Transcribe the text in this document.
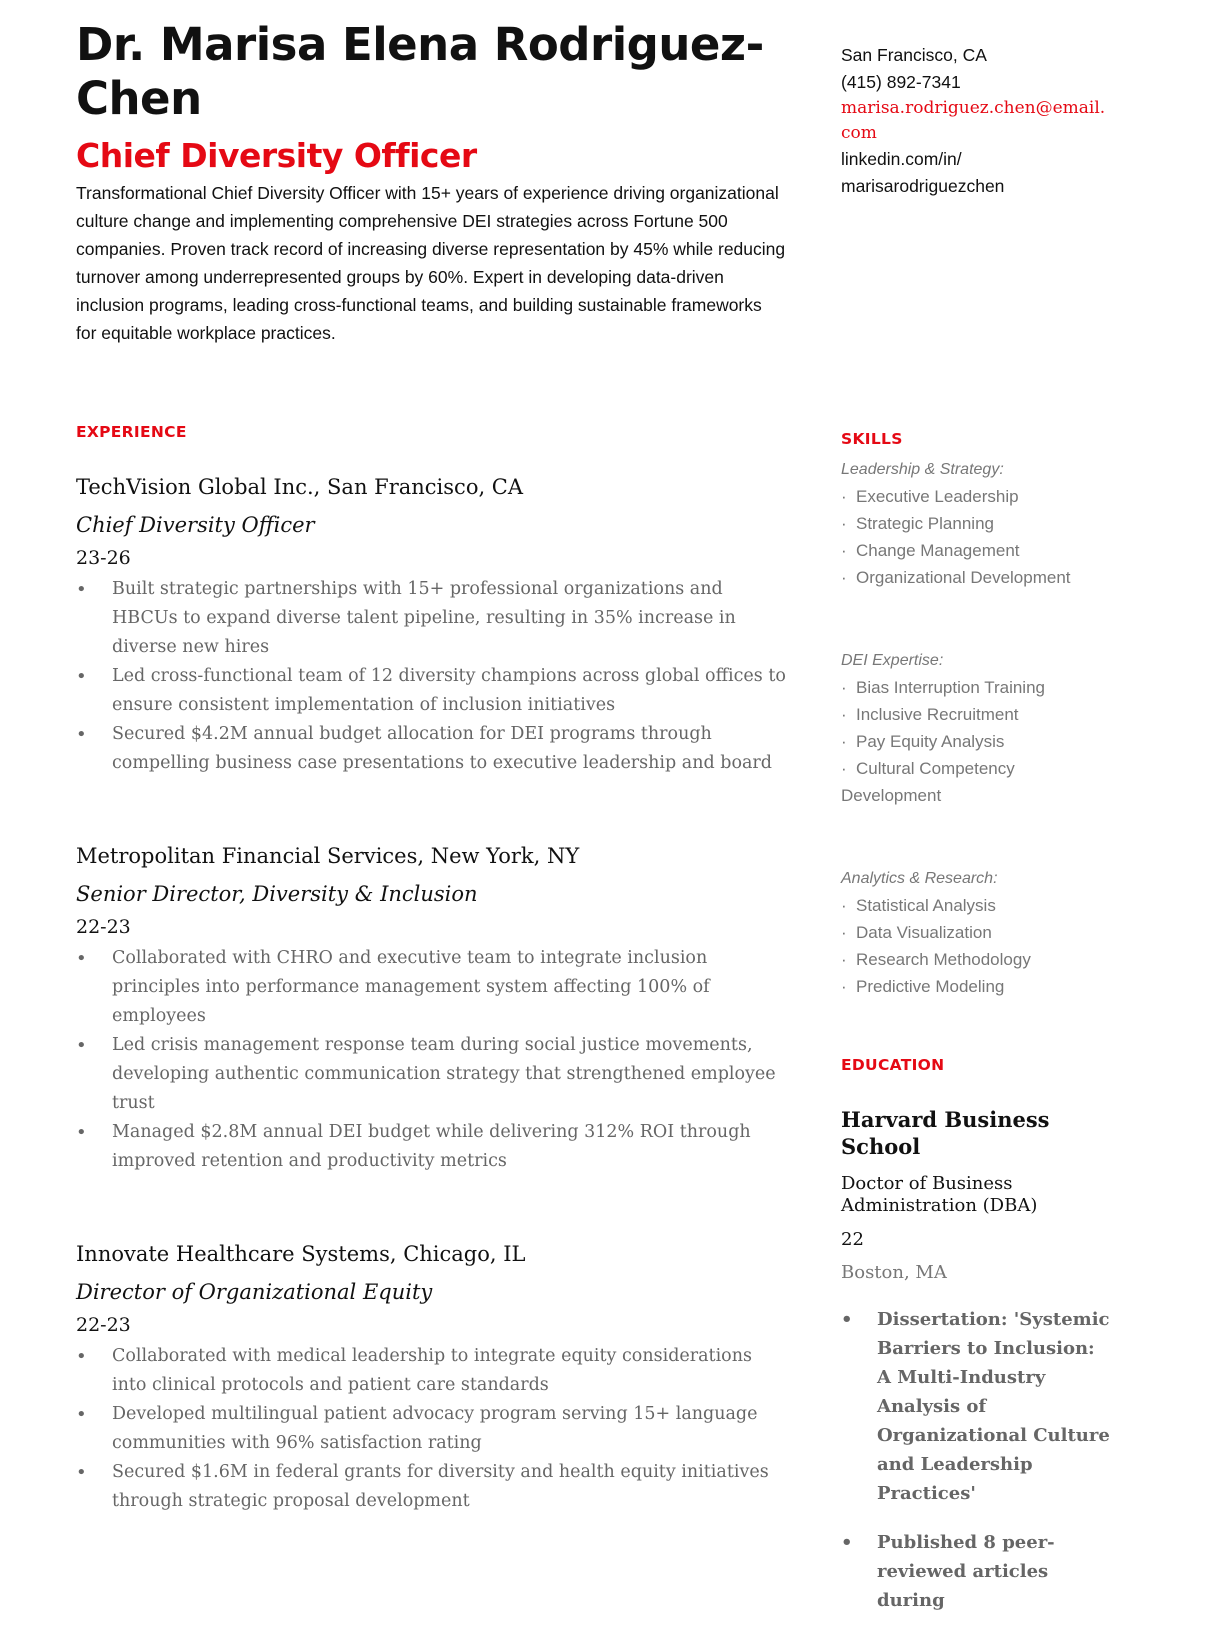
Dr. Marisa Elena Rodriguez-Chen
Chief Diversity Officer

Transformational Chief Diversity Officer with 15+ years of experience driving organizational culture change and implementing comprehensive DEI strategies across Fortune 500 companies. Proven track record of increasing diverse representation by 45% while reducing turnover among underrepresented groups by 60%. Expert in developing data-driven inclusion programs, leading cross-functional teams, and building sustainable frameworks for equitable workplace practices.

EXPERIENCE
TechVision Global Inc., San Francisco, CA
Chief Diversity Officer
23-26
• Built strategic partnerships with 15+ professional organizations and HBCUs to expand diverse talent pipeline, resulting in 35% increase in diverse new hires
• Led cross-functional team of 12 diversity champions across global offices to ensure consistent implementation of inclusion initiatives
• Secured $4.2M annual budget allocation for DEI programs through compelling business case presentations to executive leadership and board
Metropolitan Financial Services, New York, NY
Senior Director, Diversity & Inclusion
22-23
• Collaborated with CHRO and executive team to integrate inclusion principles into performance management system affecting 100% of employees
• Led crisis management response team during social justice movements, developing authentic communication strategy that strengthened employee trust
• Managed $2.8M annual DEI budget while delivering 312% ROI through improved retention and productivity metrics
Innovate Healthcare Systems, Chicago, IL
Director of Organizational Equity
22-23
• Collaborated with medical leadership to integrate equity considerations into clinical protocols and patient care standards
• Developed multilingual patient advocacy program serving 15+ language communities with 96% satisfaction rating
• Secured $1.6M in federal grants for diversity and health equity initiatives through strategic proposal development
San Francisco, CA
(415) 892-7341
marisa.rodriguez.chen@email.com
linkedin.com/in/
marisarodriguezchen
SKILLS
Leadership & Strategy:
· Executive Leadership
· Strategic Planning
· Change Management
· Organizational Development
DEI Expertise:
· Bias Interruption Training
· Inclusive Recruitment
· Pay Equity Analysis
· Cultural Competency Development
Analytics & Research:
· Statistical Analysis
· Data Visualization
· Research Methodology
· Predictive Modeling
EDUCATION
Harvard Business School
Doctor of Business Administration (DBA)
22
Boston, MA
• Dissertation: 'Systemic Barriers to Inclusion: A Multi-Industry Analysis of Organizational Culture and Leadership Practices'
• Published 8 peer-reviewed articles during
